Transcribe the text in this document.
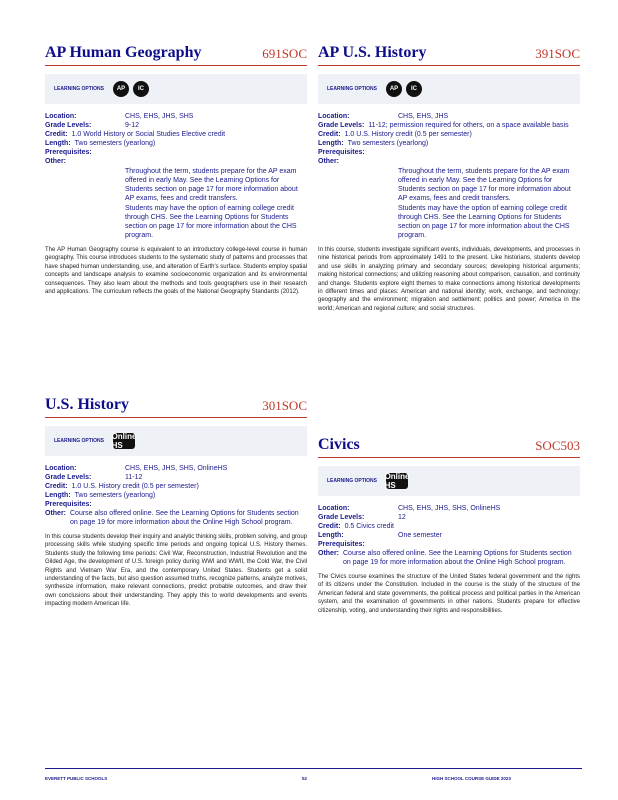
AP Human Geography	691SOC
LEARNING OPTIONS	AP	IC
Location:	CHS, EHS, JHS, SHS
Grade Levels:	9-12
Credit: 1.0 World History or Social Studies Elective credit
Length: Two semesters (yearlong)
Prerequisites:
Other:
Throughout the term, students prepare for the AP exam offered in early May. See the Learning Options for Students section on page 17 for more information about AP exams, fees and credit transfers.
Students may have the option of earning college credit through CHS. See the Learning Options for Students section on page 17 for more information about the CHS program.
The AP Human Geography course is equivalent to an introductory college-level course in human geography. This course introduces students to the systematic study of patterns and processes that have shaped human understanding, use, and alteration of Earth's surface. Students employ spatial concepts and landscape analysis to examine socioeconomic organization and its environmental consequences. They also learn about the methods and tools geographers use in their research and applications. The curriculum reflects the goals of the National Geography Standards (2012).
AP U.S. History	391SOC
LEARNING OPTIONS	AP	IC
Location:	CHS, EHS, JHS
Grade Levels: 11-12; permission required for others, on a space available basis
Credit: 1.0 U.S. History credit (0.5 per semester)
Length: Two semesters (yearlong)
Prerequisites:
Other:
Throughout the term, students prepare for the AP exam offered in early May. See the Learning Options for Students section on page 17 for more information about AP exams, fees and credit transfers.
Students may have the option of earning college credit through CHS. See the Learning Options for Students section on page 17 for more information about the CHS program.
In this course, students investigate significant events, individuals, developments, and processes in nine historical periods from approximately 1491 to the present. Like historians, students develop and use skills in analyzing primary and secondary sources; developing historical arguments; making historical connections; and utilizing reasoning about comparison, causation, and continuity and change. Students explore eight themes to make connections among historical developments in different times and places: American and national identity; work, exchange, and technology; geography and the environment; migration and settlement; politics and power; America in the world; American and regional culture; and social structures.
U.S. History	301SOC
LEARNING OPTIONS Online HS
Location:	CHS, EHS, JHS, SHS, OnlineHS
Grade Levels:	11-12
Credit: 1.0 U.S. History credit (0.5 per semester)
Length: Two semesters (yearlong)
Prerequisites:
Other: Course also offered online. See the Learning Options for Students section on page 19 for more information about the Online High School program.
In this course students develop their inquiry and analytic thinking skills, problem solving, and group processing skills while studying specific time periods and ongoing topical U.S. History themes. Students study the following time periods: Civil War, Reconstruction, Industrial Revolution and the Gilded Age, the development of U.S. foreign policy during WWI and WWII, the Cold War, the Civil Rights and Vietnam War Era, and the contemporary United States. Students get a solid understanding of the facts, but also question assumed truths, recognize patterns, analyze motives, synthesize information, make relevant connections, predict probable outcomes, and draw their own conclusions about their understanding. They apply this to world developments and events impacting modern American life.
Civics	SOC503
LEARNING OPTIONS Online HS
Location:	CHS, EHS, JHS, SHS, OnlineHS
Grade Levels:	12
Credit: 0.5 Civics credit
Length:	One semester
Prerequisites:
Other: Course also offered online. See the Learning Options for Students section on page 19 for more information about the Online High School program.
The Civics course examines the structure of the United States federal government and the rights of its citizens under the Constitution. Included in the course is the study of the structure of the American federal and state governments, the political process and political parties in the American system, and the examination of governments in other nations. Students prepare for effective citizenship, voting, and understanding their rights and responsibilities.
EVERETT PUBLIC SCHOOLS	52	HIGH SCHOOL COURSE GUIDE 2023
